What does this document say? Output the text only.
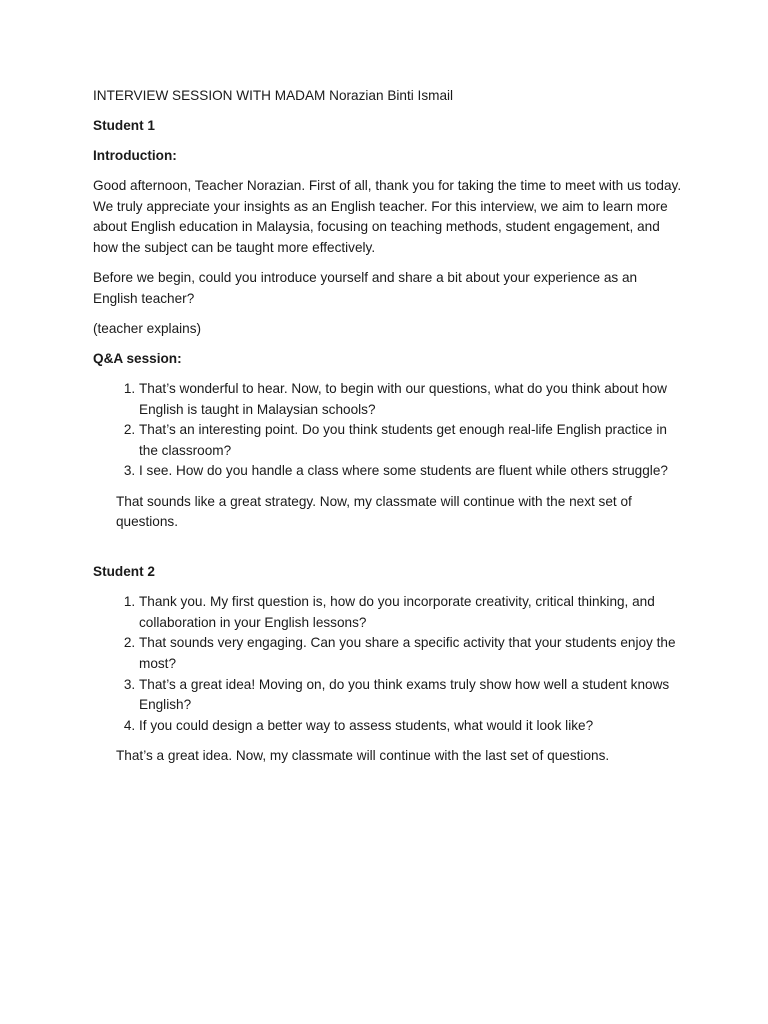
INTERVIEW SESSION WITH MADAM Norazian Binti Ismail

Student 1

Introduction:

Good afternoon, Teacher Norazian. First of all, thank you for taking the time to meet with us today. We truly appreciate your insights as an English teacher. For this interview, we aim to learn more about English education in Malaysia, focusing on teaching methods, student engagement, and how the subject can be taught more effectively.

Before we begin, could you introduce yourself and share a bit about your experience as an English teacher?

(teacher explains)

Q&A session:

1. That’s wonderful to hear. Now, to begin with our questions, what do you think about how English is taught in Malaysian schools?
2. That’s an interesting point. Do you think students get enough real-life English practice in the classroom?
3. I see. How do you handle a class where some students are fluent while others struggle?

That sounds like a great strategy. Now, my classmate will continue with the next set of questions.

Student 2

1. Thank you. My first question is, how do you incorporate creativity, critical thinking, and collaboration in your English lessons?
2. That sounds very engaging. Can you share a specific activity that your students enjoy the most?
3. That’s a great idea! Moving on, do you think exams truly show how well a student knows English?
4. If you could design a better way to assess students, what would it look like?

That’s a great idea. Now, my classmate will continue with the last set of questions.
